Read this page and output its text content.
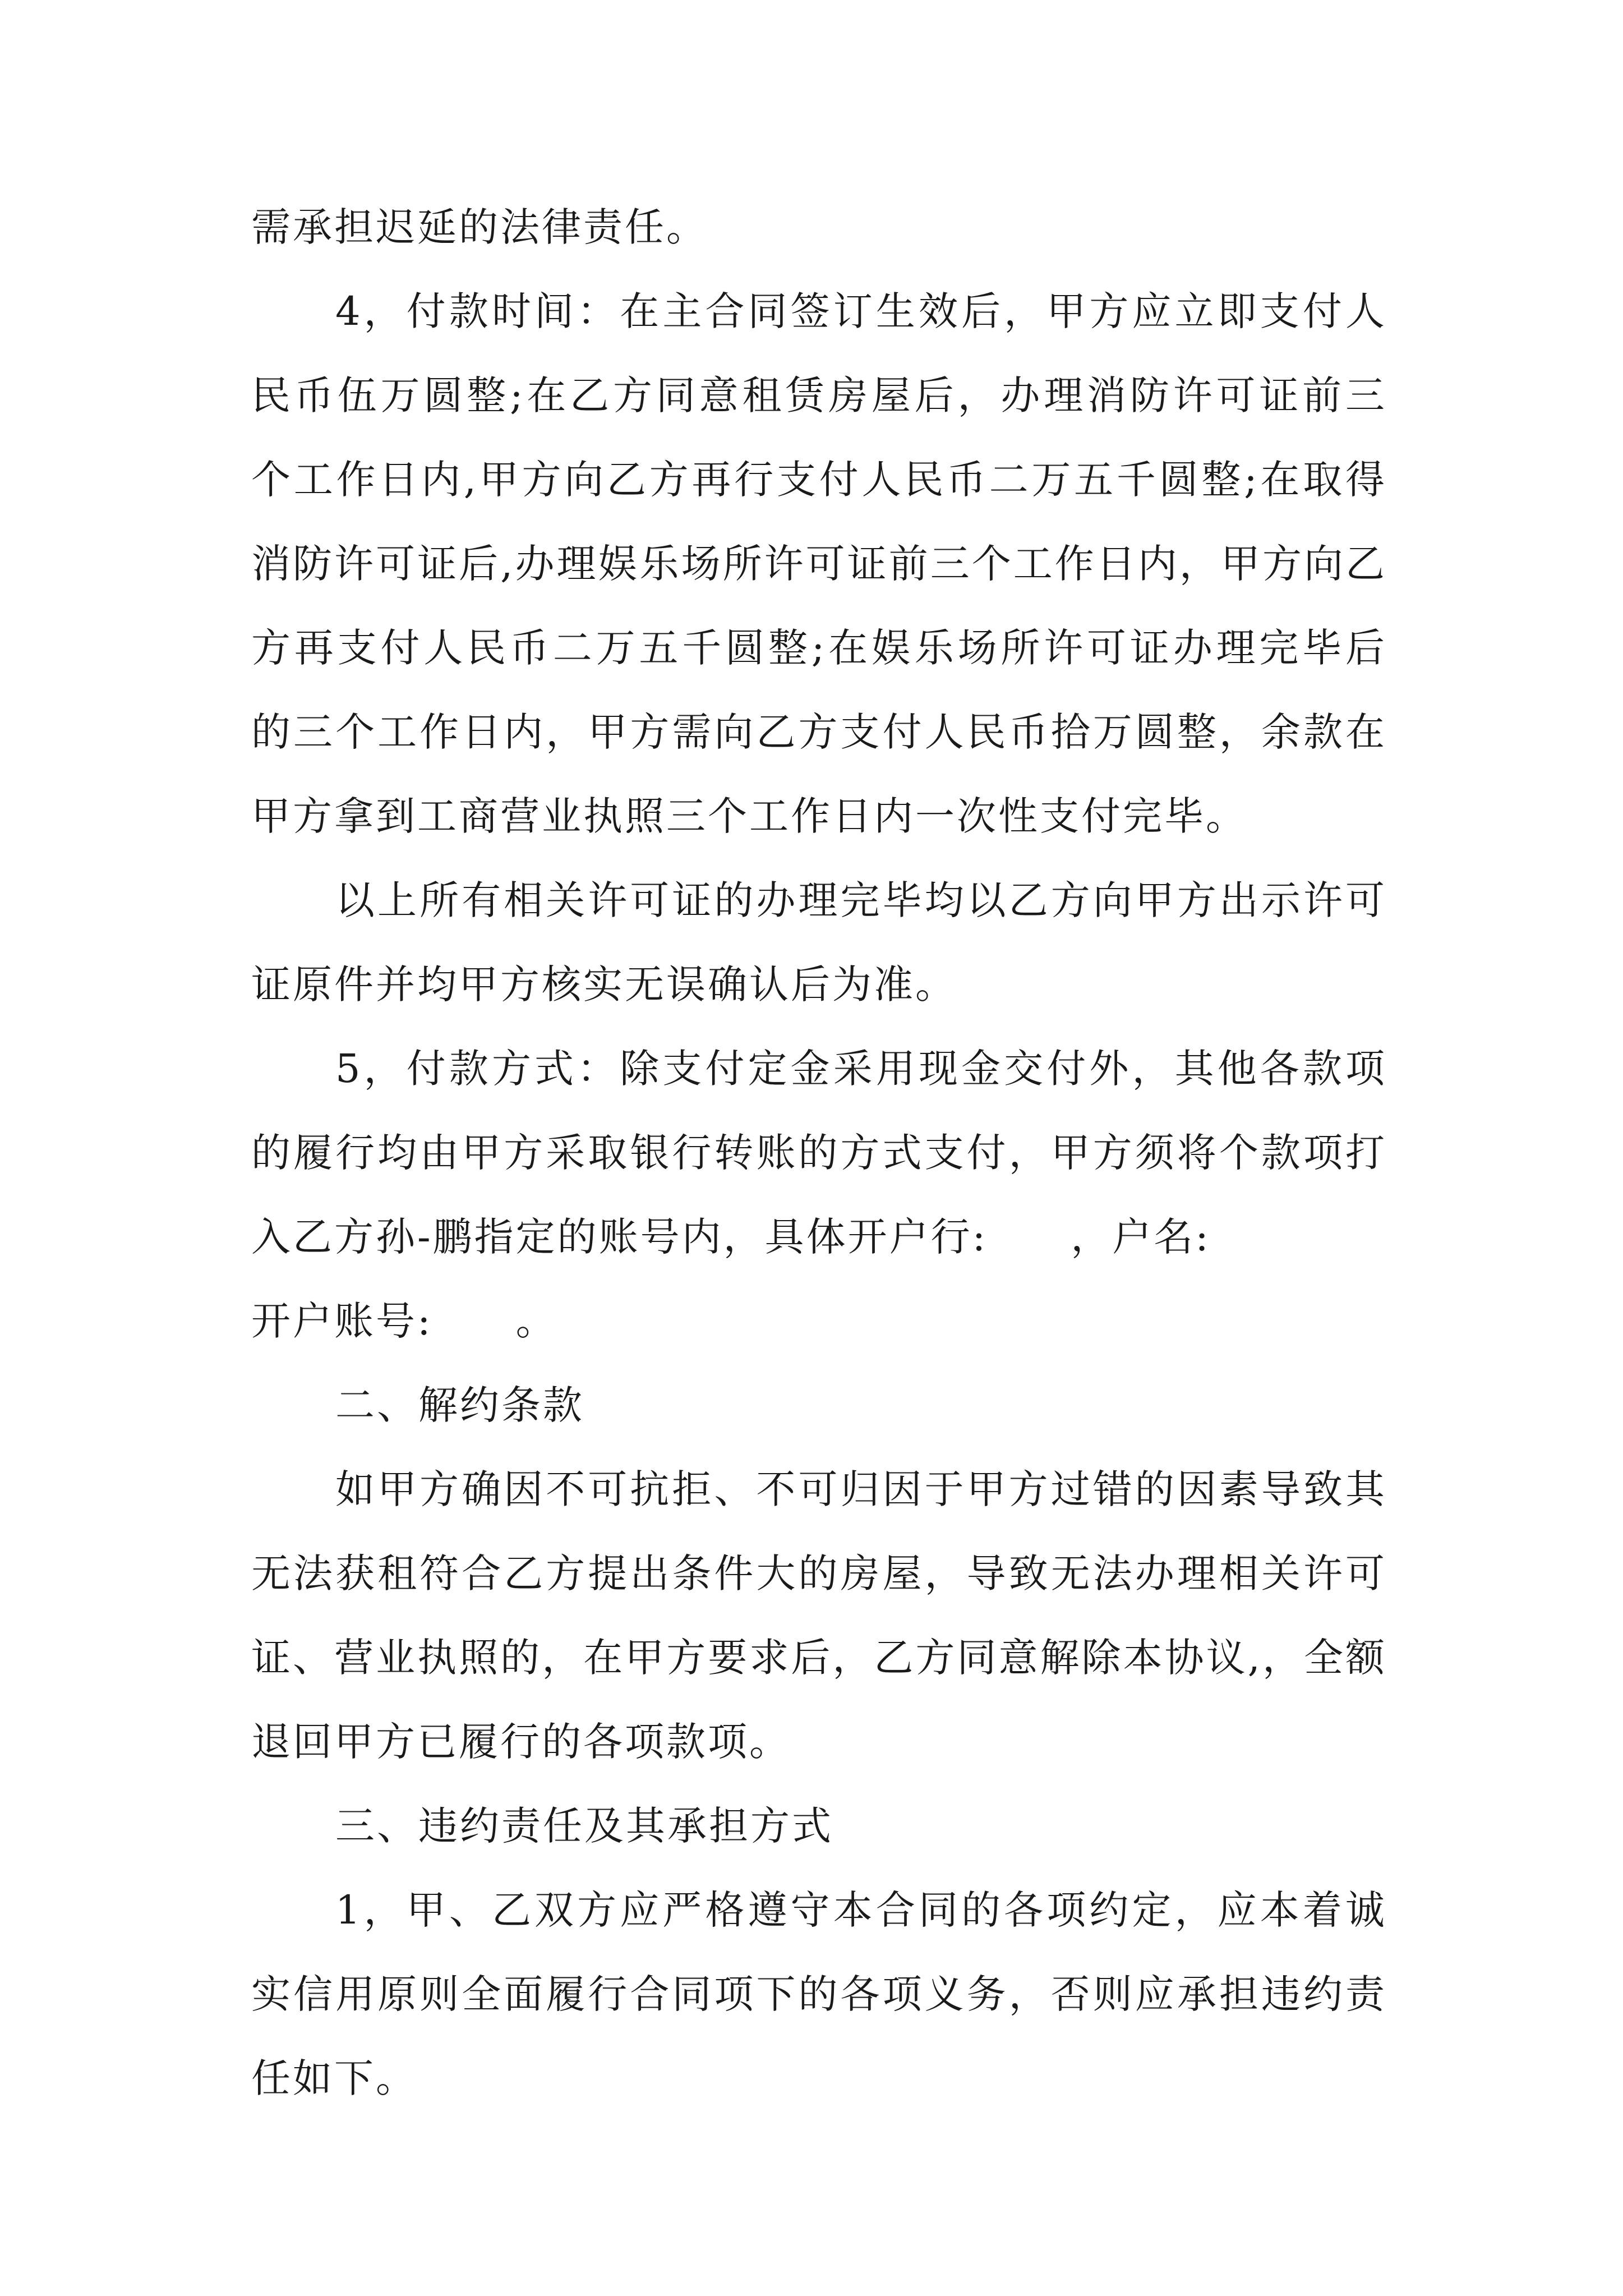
需承担迟延的法律责任。

4，付款时间：在主合同签订生效后，甲方应立即支付人民币伍万圆整;在乙方同意租赁房屋后，办理消防许可证前三个工作日内,甲方向乙方再行支付人民币二万五千圆整;在取得消防许可证后,办理娱乐场所许可证前三个工作日内，甲方向乙方再支付人民币二万五千圆整;在娱乐场所许可证办理完毕后的三个工作日内，甲方需向乙方支付人民币拾万圆整，余款在甲方拿到工商营业执照三个工作日内一次性支付完毕。

以上所有相关许可证的办理完毕均以乙方向甲方出示许可证原件并均甲方核实无误确认后为准。

5，付款方式：除支付定金采用现金交付外，其他各款项的履行均由甲方采取银行转账的方式支付，甲方须将个款项打入乙方孙-鹏指定的账号内，具体开户行:　　，户名:

开户账号:　　。

二、解约条款

如甲方确因不可抗拒、不可归因于甲方过错的因素导致其无法获租符合乙方提出条件大的房屋，导致无法办理相关许可证、营业执照的，在甲方要求后，乙方同意解除本协议,，全额退回甲方已履行的各项款项。

三、违约责任及其承担方式

1，甲、乙双方应严格遵守本合同的各项约定，应本着诚实信用原则全面履行合同项下的各项义务，否则应承担违约责任如下。
